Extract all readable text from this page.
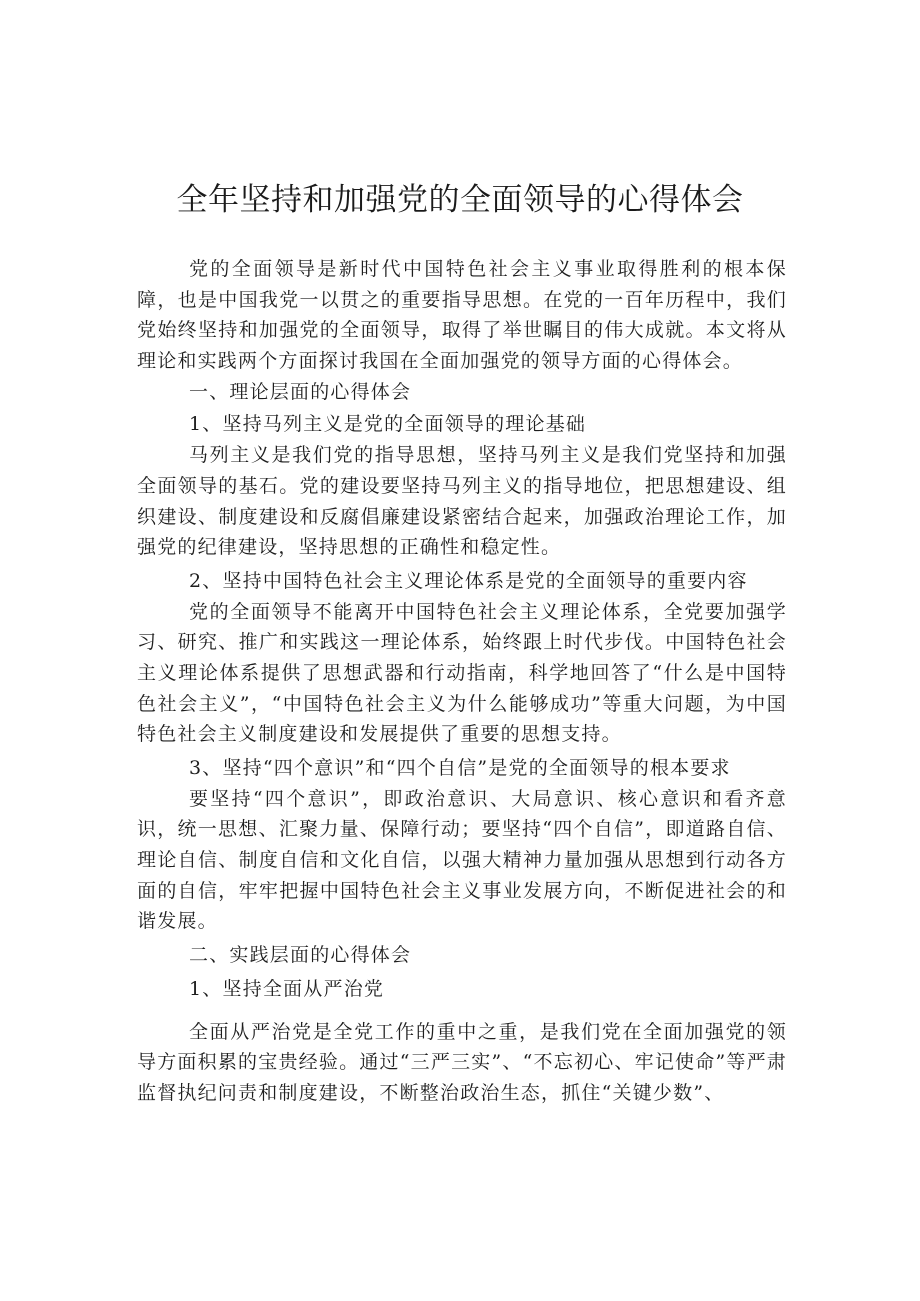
全年坚持和加强党的全面领导的心得体会

党的全面领导是新时代中国特色社会主义事业取得胜利的根本保障，也是中国我党一以贯之的重要指导思想。在党的一百年历程中，我们党始终坚持和加强党的全面领导，取得了举世瞩目的伟大成就。本文将从理论和实践两个方面探讨我国在全面加强党的领导方面的心得体会。

一、理论层面的心得体会

1、坚持马列主义是党的全面领导的理论基础

马列主义是我们党的指导思想，坚持马列主义是我们党坚持和加强全面领导的基石。党的建设要坚持马列主义的指导地位，把思想建设、组织建设、制度建设和反腐倡廉建设紧密结合起来，加强政治理论工作，加强党的纪律建设，坚持思想的正确性和稳定性。

2、坚持中国特色社会主义理论体系是党的全面领导的重要内容

党的全面领导不能离开中国特色社会主义理论体系，全党要加强学习、研究、推广和实践这一理论体系，始终跟上时代步伐。中国特色社会主义理论体系提供了思想武器和行动指南，科学地回答了“什么是中国特色社会主义”，“中国特色社会主义为什么能够成功”等重大问题，为中国特色社会主义制度建设和发展提供了重要的思想支持。

3、坚持“四个意识”和“四个自信”是党的全面领导的根本要求

要坚持“四个意识”，即政治意识、大局意识、核心意识和看齐意识，统一思想、汇聚力量、保障行动；要坚持“四个自信”，即道路自信、理论自信、制度自信和文化自信，以强大精神力量加强从思想到行动各方面的自信，牢牢把握中国特色社会主义事业发展方向，不断促进社会的和谐发展。

二、实践层面的心得体会

1、坚持全面从严治党

全面从严治党是全党工作的重中之重，是我们党在全面加强党的领导方面积累的宝贵经验。通过“三严三实”、“不忘初心、牢记使命”等严肃监督执纪问责和制度建设，不断整治政治生态，抓住“关键少数”、
